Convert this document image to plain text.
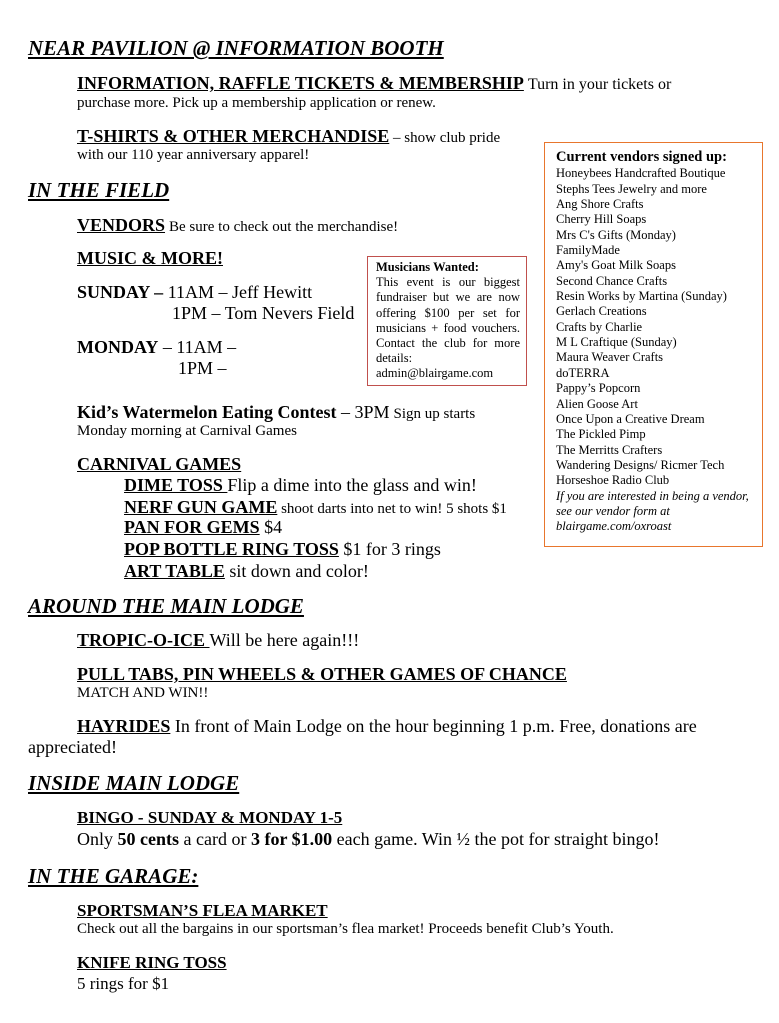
NEAR PAVILION @ INFORMATION BOOTH
INFORMATION, RAFFLE TICKETS & MEMBERSHIP Turn in your tickets or
purchase more. Pick up a membership application or renew.
T-SHIRTS & OTHER MERCHANDISE – show club pride
with our 110 year anniversary apparel!
IN THE FIELD
VENDORS Be sure to check out the merchandise!
MUSIC & MORE!
SUNDAY – 11AM – Jeff Hewitt
1PM – Tom Nevers Field
MONDAY – 11AM –
1PM –
Musicians Wanted:
This event is our biggest fundraiser but we are now offering $100 per set for musicians + food vouchers. Contact the club for more details: admin@blairgame.com
Kid’s Watermelon Eating Contest – 3PM Sign up starts
Monday morning at Carnival Games
CARNIVAL GAMES
DIME TOSS Flip a dime into the glass and win!
NERF GUN GAME shoot darts into net to win! 5 shots $1
PAN FOR GEMS $4
POP BOTTLE RING TOSS $1 for 3 rings
ART TABLE sit down and color!
Current vendors signed up:
Honeybees Handcrafted Boutique
Stephs Tees Jewelry and more
Ang Shore Crafts
Cherry Hill Soaps
Mrs C's Gifts (Monday)
FamilyMade
Amy's Goat Milk Soaps
Second Chance Crafts
Resin Works by Martina (Sunday)
Gerlach Creations
Crafts by Charlie
M L Craftique (Sunday)
Maura Weaver Crafts
doTERRA
Pappy’s Popcorn
Alien Goose Art
Once Upon a Creative Dream
The Pickled Pimp
The Merritts Crafters
Wandering Designs/ Ricmer Tech
Horseshoe Radio Club
If you are interested in being a vendor, see our vendor form at blairgame.com/oxroast
AROUND THE MAIN LODGE
TROPIC-O-ICE Will be here again!!!
PULL TABS, PIN WHEELS & OTHER GAMES OF CHANCE
MATCH AND WIN!!
HAYRIDES In front of Main Lodge on the hour beginning 1 p.m. Free, donations are
appreciated!
INSIDE MAIN LODGE
BINGO - SUNDAY & MONDAY 1-5
Only 50 cents a card or 3 for $1.00 each game. Win ½ the pot for straight bingo!
IN THE GARAGE:
SPORTSMAN’S FLEA MARKET
Check out all the bargains in our sportsman’s flea market! Proceeds benefit Club’s Youth.
KNIFE RING TOSS
5 rings for $1
